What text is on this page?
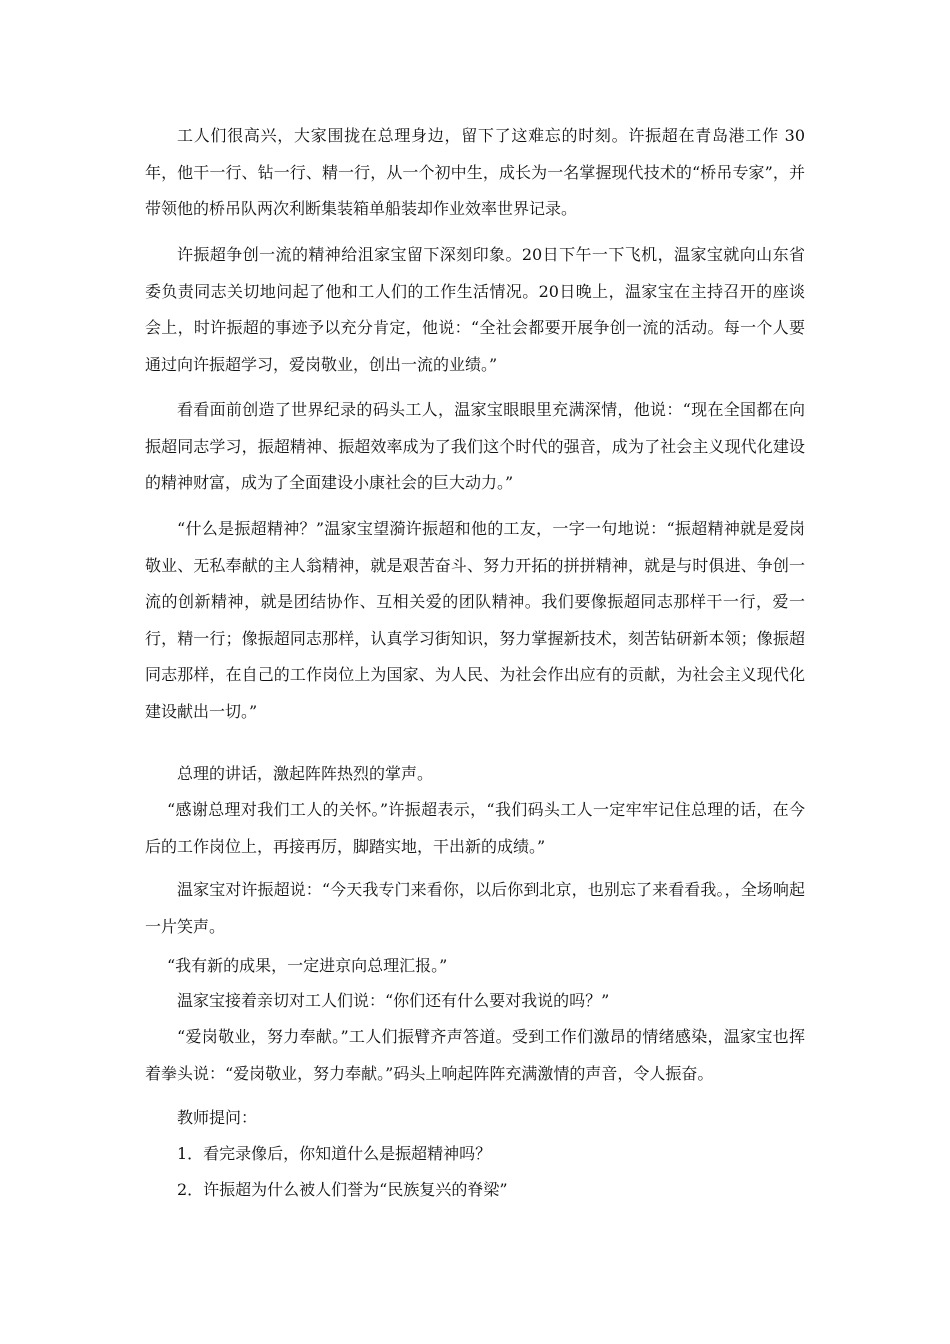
工人们很高兴，大家围拢在总理身边，留下了这难忘的时刻。许振超在青岛港工作 30 年，他干一行、钻一行、精一行，从一个初中生，成长为一名掌握现代技术的“桥吊专家”，并带领他的桥吊队两次利断集装箱单船装却作业效率世界记录。

许振超争创一流的精神给沮家宝留下深刻印象。20日下午一下飞机，温家宝就向山东省委负责同志关切地问起了他和工人们的工作生活情况。20日晚上，温家宝在主持召开的座谈会上，时许振超的事迹予以充分肯定，他说：“全社会都要开展争创一流的活动。每一个人要通过向许振超学习，爱岗敬业，创出一流的业绩。”

看看面前创造了世界纪录的码头工人，温家宝眼眼里充满深情，他说：“现在全国都在向振超同志学习，振超精神、振超效率成为了我们这个时代的强音，成为了社会主义现代化建设的精神财富，成为了全面建设小康社会的巨大动力。”

“什么是振超精神？”温家宝望漪许振超和他的工友，一字一句地说：“振超精神就是爱岗敬业、无私奉献的主人翁精神，就是艰苦奋斗、努力开拓的拼拼精神，就是与时俱进、争创一流的创新精神，就是团结协作、互相关爱的团队精神。我们要像振超同志那样干一行，爱一行，精一行；像振超同志那样，认真学习街知识，努力掌握新技术，刻苦钻研新本领；像振超同志那样，在自己的工作岗位上为国家、为人民、为社会作出应有的贡献，为社会主义现代化建设献出一切。”

总理的讲话，激起阵阵热烈的掌声。

“感谢总理对我们工人的关怀。”许振超表示，“我们码头工人一定牢牢记住总理的话，在今后的工作岗位上，再接再厉，脚踏实地，干出新的成绩。”

温家宝对许振超说：“今天我专门来看你，以后你到北京，也别忘了来看看我。，全场响起一片笑声。

“我有新的成果，一定进京向总理汇报。”

温家宝接着亲切对工人们说：“你们还有什么要对我说的吗？”

“爱岗敬业，努力奉献。”工人们振臂齐声答道。受到工作们激昂的情绪感染，温家宝也挥着拳头说：“爱岗敬业，努力奉献。”码头上响起阵阵充满激情的声音，令人振奋。

教师提问：

1．看完录像后，你知道什么是振超精神吗？

2．许振超为什么被人们誉为“民族复兴的脊梁”
